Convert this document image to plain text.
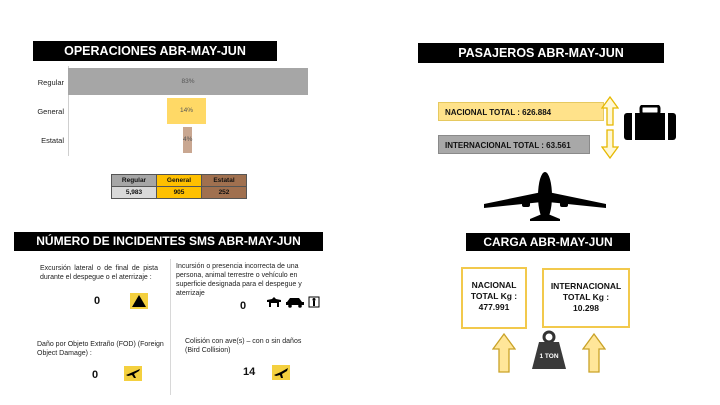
OPERACIONES ABR-MAY-JUN
Regular
General
Estatal
83%
14%
4%
Regular	General	Estatal
5,983	905	252
PASAJEROS ABR-MAY-JUN
NACIONAL TOTAL : 626.884
INTERNACIONAL TOTAL : 63.561
NÚMERO DE INCIDENTES SMS ABR-MAY-JUN
Excursión lateral o de final de pista durante el despegue o el aterrizaje :
0
Incursión o presencia incorrecta de una persona, animal terrestre o vehículo en superficie designada para el despegue y aterrizaje
0
Daño por Objeto Extraño (FOD) (Foreign Object Damage) :
0
Colisión con ave(s) – con o sin daños (Bird Collision)
14
CARGA ABR-MAY-JUN
NACIONAL
TOTAL Kg :
477.991
INTERNACIONAL
TOTAL Kg :
10.298
1 TON
